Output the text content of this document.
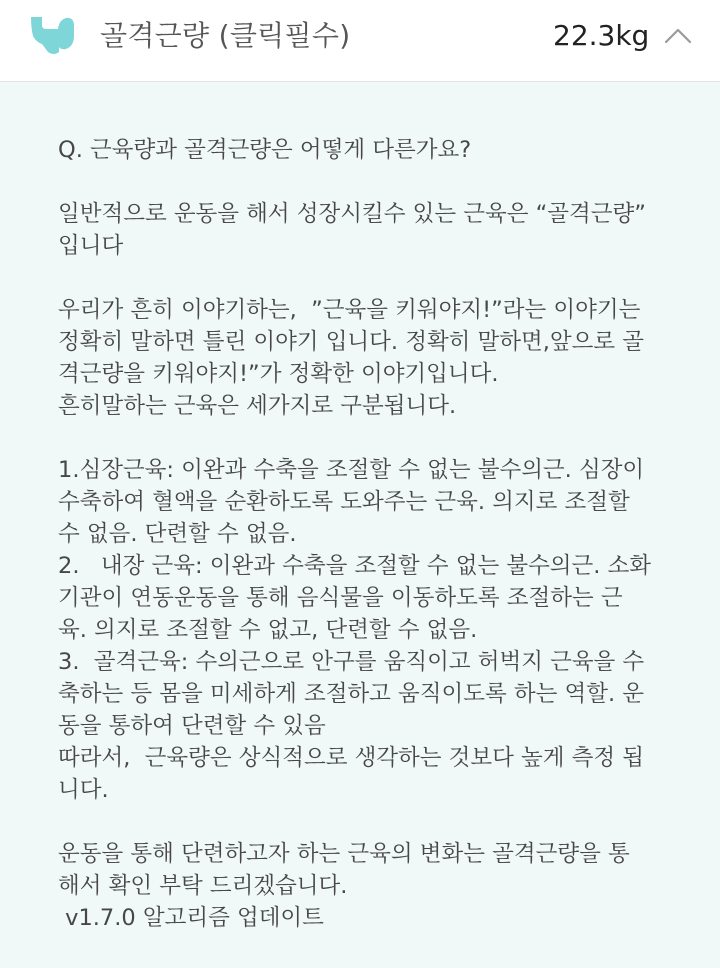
골격근량 (클릭필수)	22.3kg

Q. 근육량과 골격근량은 어떻게 다른가요?

일반적으로 운동을 해서 성장시킬수 있는 근육은 “골격근량”
입니다

우리가 흔히 이야기하는,  ”근육을 키워야지!”라는 이야기는
정확히 말하면 틀린 이야기 입니다. 정확히 말하면,앞으로 골
격근량을 키워야지!”가 정확한 이야기입니다.
흔히말하는 근육은 세가지로 구분됩니다.

1.심장근육: 이완과 수축을 조절할 수 없는 불수의근. 심장이
수축하여 혈액을 순환하도록 도와주는 근육. 의지로 조절할
수 없음. 단련할 수 없음.
2.   내장 근육: 이완과 수축을 조절할 수 없는 불수의근. 소화
기관이 연동운동을 통해 음식물을 이동하도록 조절하는 근
육. 의지로 조절할 수 없고, 단련할 수 없음.
3.  골격근육: 수의근으로 안구를 움직이고 허벅지 근육을 수
축하는 등 몸을 미세하게 조절하고 움직이도록 하는 역할. 운
동을 통하여 단련할 수 있음
따라서,  근육량은 상식적으로 생각하는 것보다 높게 측정 됩
니다.

운동을 통해 단련하고자 하는 근육의 변화는 골격근량을 통
해서 확인 부탁 드리겠습니다.
v1.7.0 알고리즘 업데이트
